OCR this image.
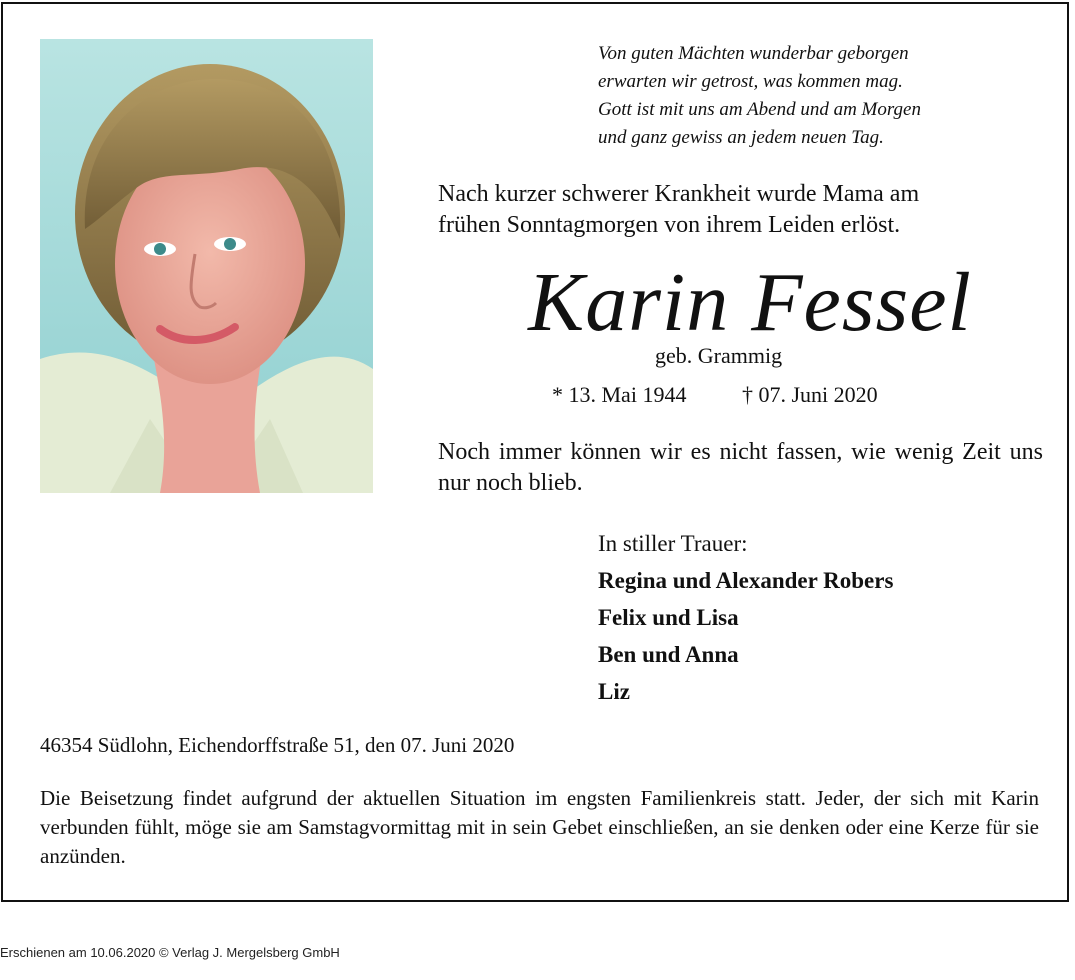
Von guten Mächten wunderbar geborgen
erwarten wir getrost, was kommen mag.
Gott ist mit uns am Abend und am Morgen
und ganz gewiss an jedem neuen Tag.
Nach kurzer schwerer Krankheit wurde Mama am
frühen Sonntagmorgen von ihrem Leiden erlöst.
Karin Fessel
geb. Grammig
* 13. Mai 1944	† 07. Juni 2020
Noch immer können wir es nicht fassen, wie wenig Zeit uns nur noch blieb.
In stiller Trauer:
Regina und Alexander Robers
Felix und Lisa
Ben und Anna
Liz
46354 Südlohn, Eichendorffstraße 51, den 07. Juni 2020
Die Beisetzung findet aufgrund der aktuellen Situation im engsten Familienkreis statt. Jeder, der sich mit Karin verbunden fühlt, möge sie am Samstagvormittag mit in sein Gebet einschließen, an sie denken oder eine Kerze für sie anzünden.
Erschienen am 10.06.2020 © Verlag J. Mergelsberg GmbH
